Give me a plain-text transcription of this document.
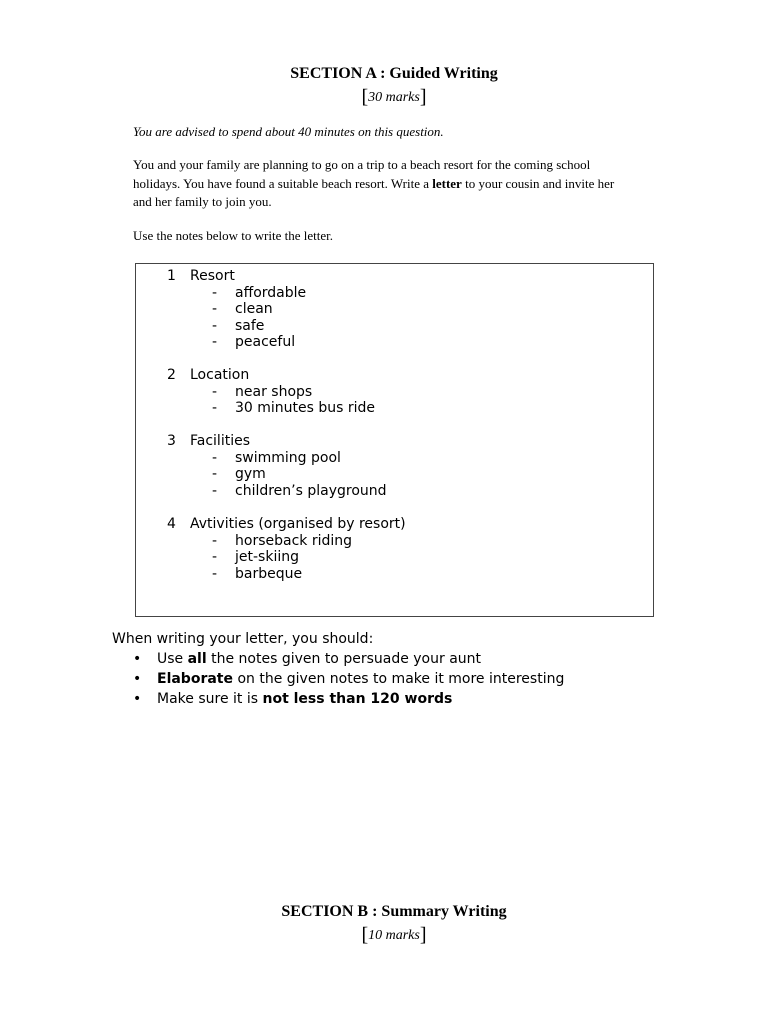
SECTION A : Guided Writing
[30 marks]
You are advised to spend about 40 minutes on this question.
You and your family are planning to go on a trip to a beach resort for the coming school
holidays. You have found a suitable beach resort. Write a letter to your cousin and invite her
and her family to join you.
Use the notes below to write the letter.
1 Resort
- affordable
- clean
- safe
- peaceful
2 Location
- near shops
- 30 minutes bus ride
3 Facilities
- swimming pool
- gym
- children’s playground
4 Avtivities (organised by resort)
- horseback riding
- jet-skiing
- barbeque
When writing your letter, you should:
• Use all the notes given to persuade your aunt
• Elaborate on the given notes to make it more interesting
• Make sure it is not less than 120 words
SECTION B : Summary Writing
[10 marks]
